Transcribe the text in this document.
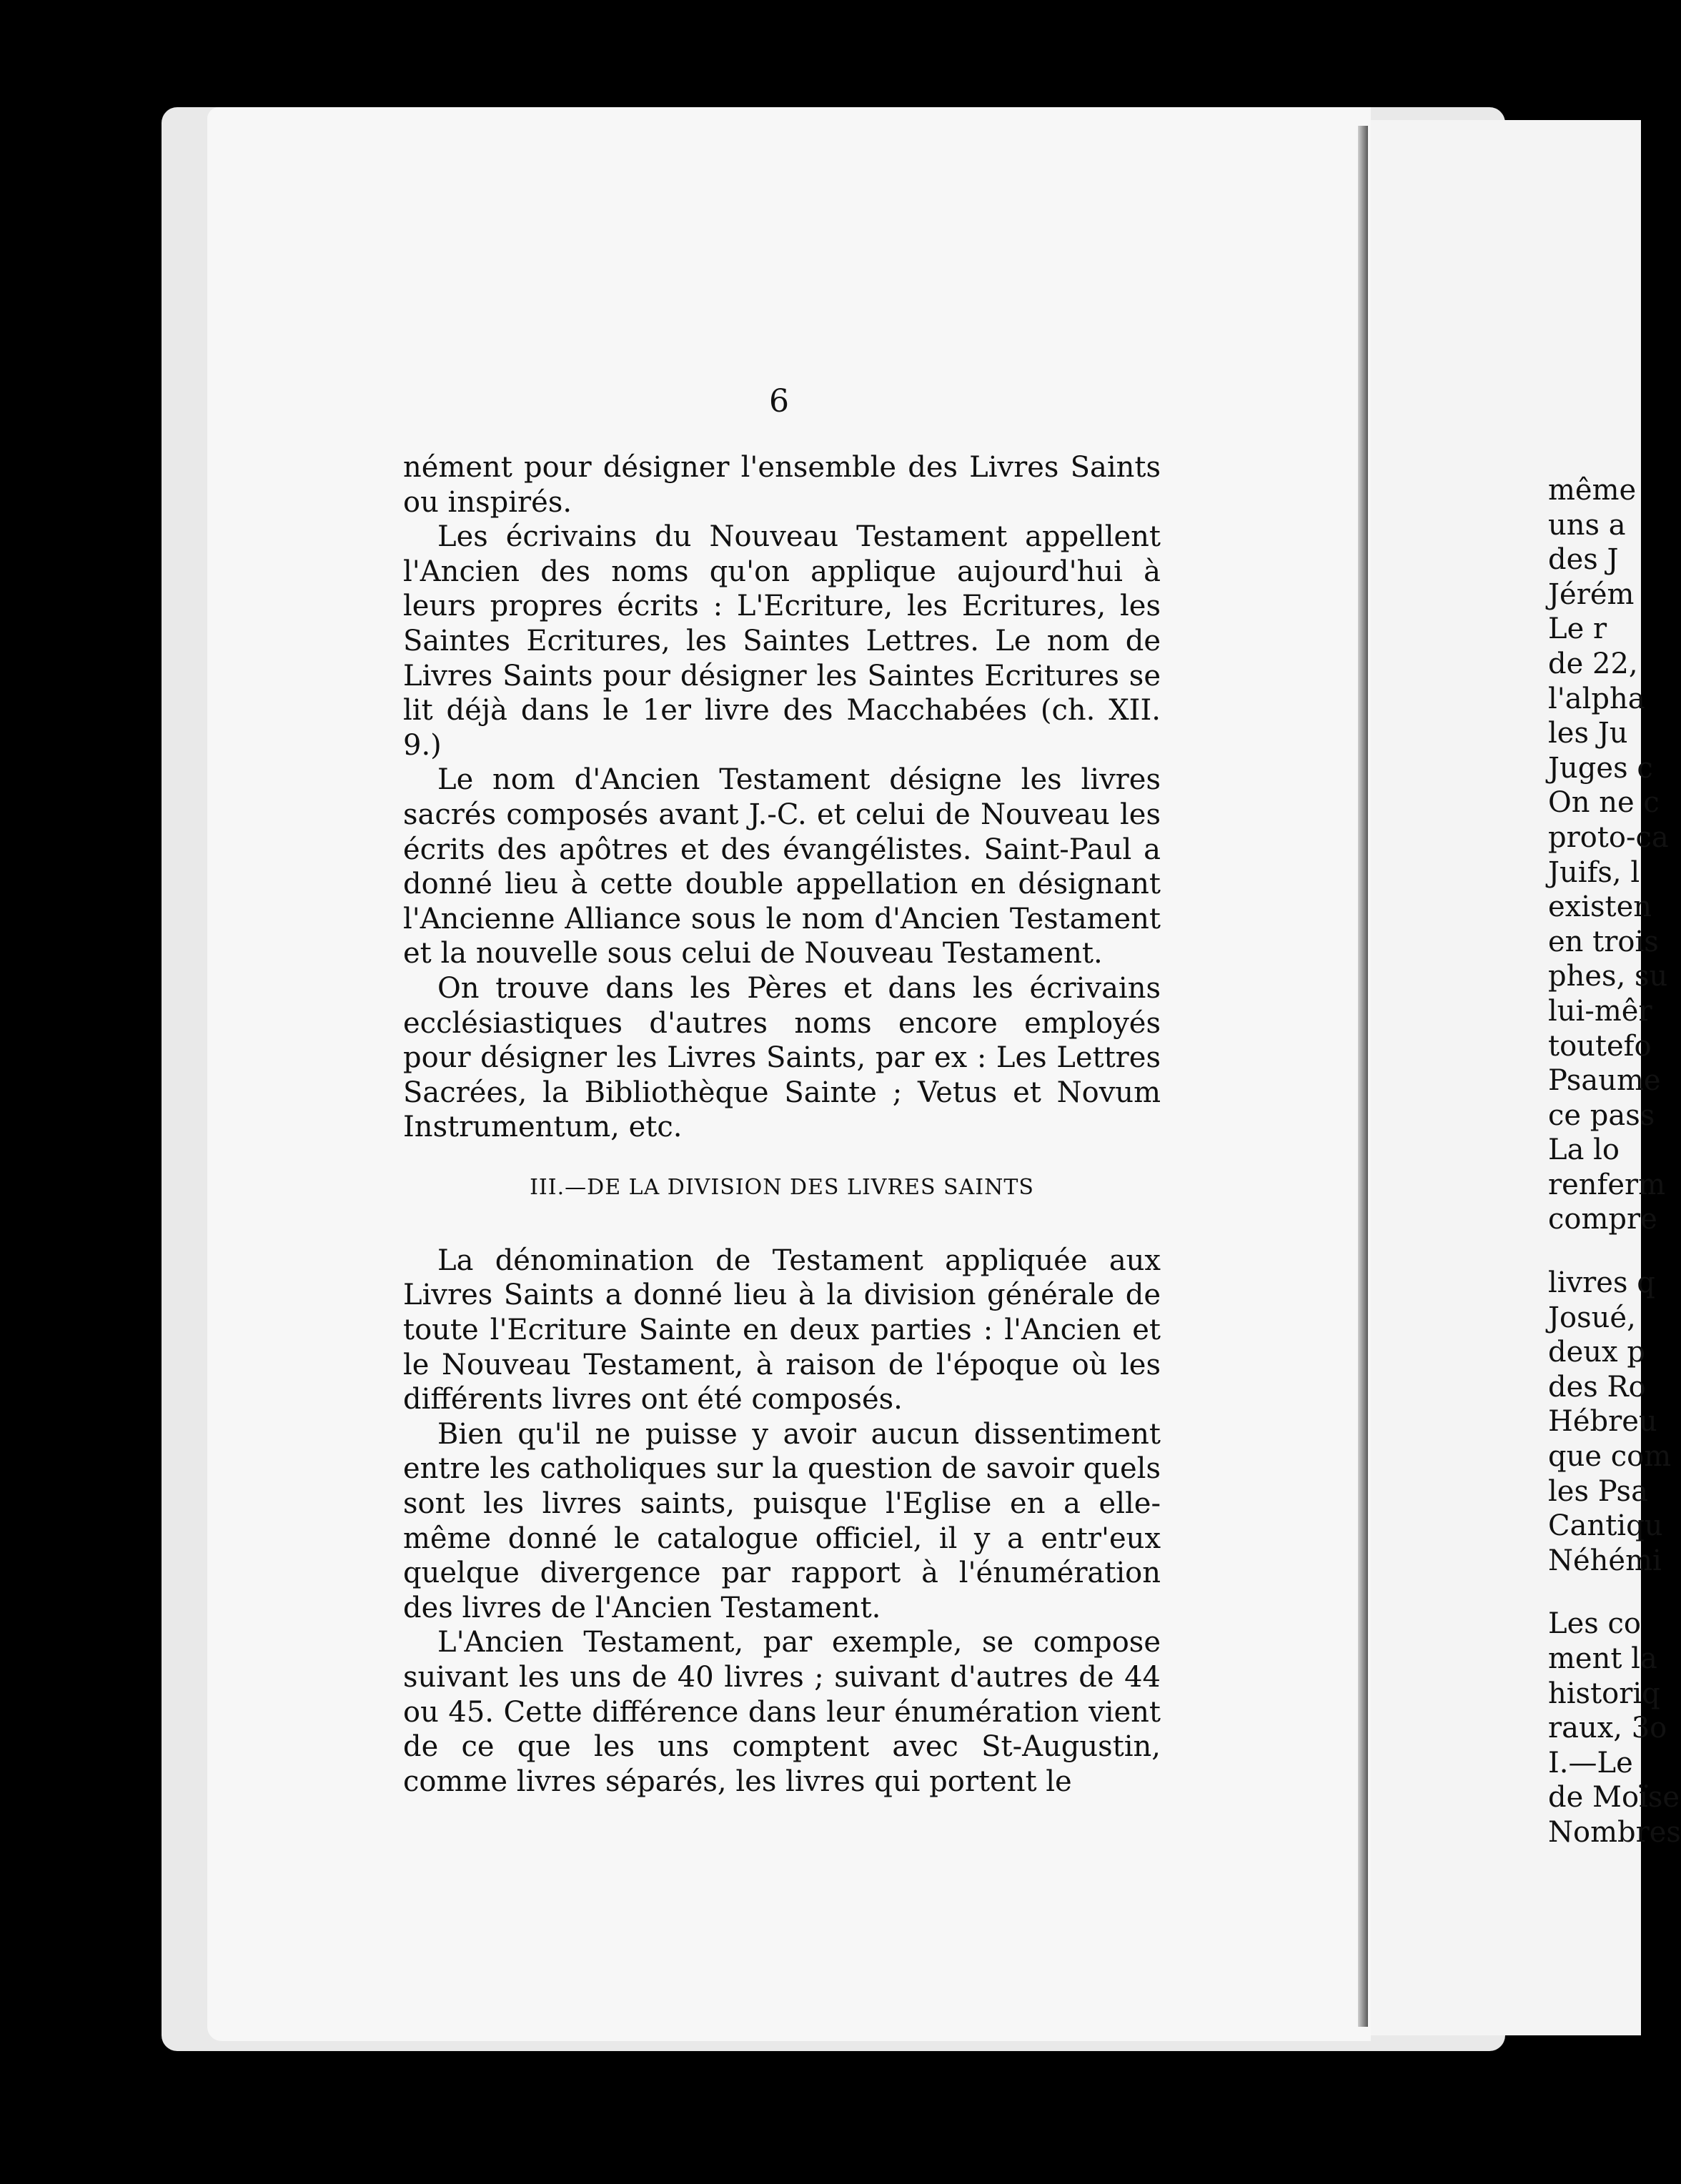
6

nément pour désigner l'ensemble des Livres Saints ou inspirés.

Les écrivains du Nouveau Testament appellent l'Ancien des noms qu'on applique aujourd'hui à leurs propres écrits : L'Ecriture, les Ecritures, les Saintes Ecritures, les Saintes Lettres. Le nom de Livres Saints pour désigner les Saintes Ecritures se lit déjà dans le 1er livre des Macchabées (ch. XII. 9.)

Le nom d'Ancien Testament désigne les livres sacrés composés avant J.-C. et celui de Nouveau les écrits des apôtres et des évangélistes. Saint-Paul a donné lieu à cette double appellation en désignant l'Ancienne Alliance sous le nom d'Ancien Testament et la nouvelle sous celui de Nouveau Testament.

On trouve dans les Pères et dans les écrivains ecclésiastiques d'autres noms encore employés pour désigner les Livres Saints, par ex : Les Lettres Sacrées, la Bibliothèque Sainte ; Vetus et Novum Instrumentum, etc.

III.—DE LA DIVISION DES LIVRES SAINTS

La dénomination de Testament appliquée aux Livres Saints a donné lieu à la division générale de toute l'Ecriture Sainte en deux parties : l'Ancien et le Nouveau Testament, à raison de l'époque où les différents livres ont été composés.

Bien qu'il ne puisse y avoir aucun dissentiment entre les catholiques sur la question de savoir quels sont les livres saints, puisque l'Eglise en a elle-même donné le catalogue officiel, il y a entr'eux quelque divergence par rapport à l'énumération des livres de l'Ancien Testament.

L'Ancien Testament, par exemple, se compose suivant les uns de 40 livres ; suivant d'autres de 44 ou 45. Cette différence dans leur énumération vient de ce que les uns comptent avec St-Augustin, comme livres séparés, les livres qui portent le

même
uns a
des J
Jérém
Le r
de 22,
l'alpha
les Ju
Juges c
On ne c
proto-ca
Juifs, l
existen
en trois
phes, su
lui-mêr
toutefo
Psaume
ce pass
La lo
renferm
compre
livres q
Josué,
deux p
des Ro
Hébreu
que com
les Psa
Cantiqu
Néhémi
Les co
ment la
historiq
raux, 3o
I.—Le
de Moïse
Nombres
